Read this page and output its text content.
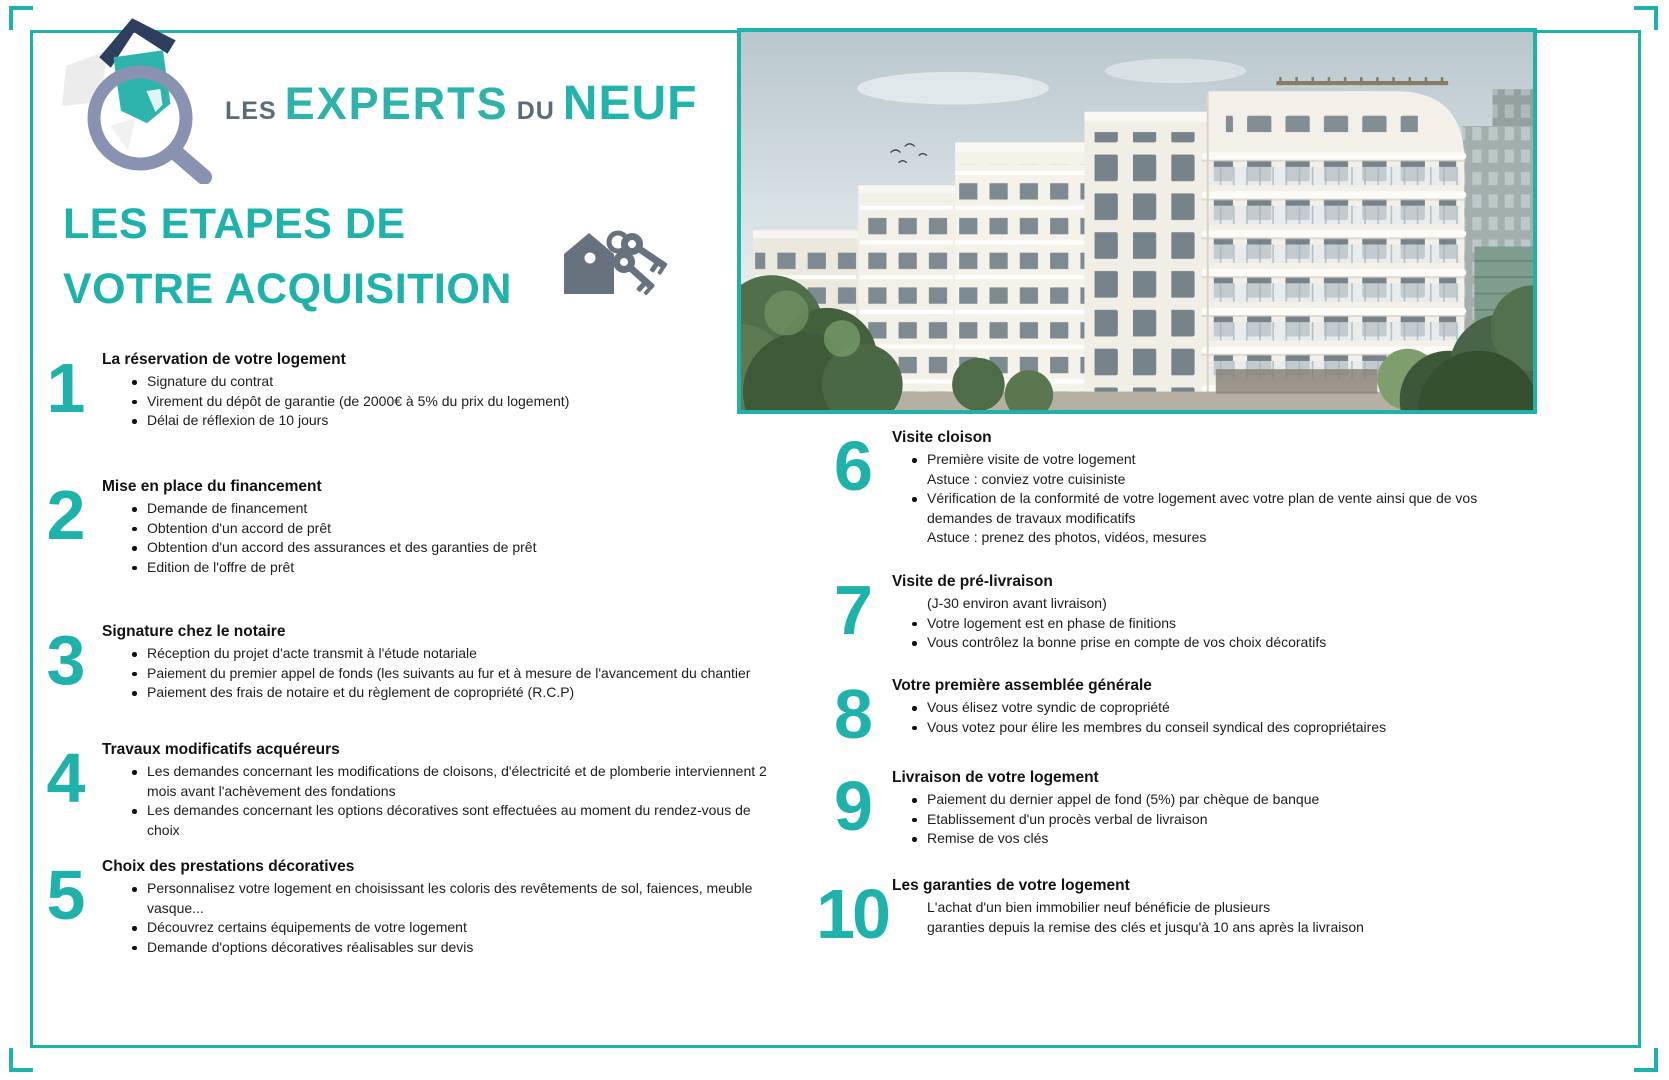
LES EXPERTS DU NEUF
LES ETAPES DE
VOTRE ACQUISITION
1	La réservation de votre logement
Signature du contrat
Virement du dépôt de garantie (de 2000€ à 5% du prix du logement)
Délai de réflexion de 10 jours
2	Mise en place du financement
Demande de financement
Obtention d'un accord de prêt
Obtention d'un accord des assurances et des garanties de prêt
Edition de l'offre de prêt
3	Signature chez le notaire
Réception du projet d'acte transmit à l'étude notariale
Paiement du premier appel de fonds (les suivants au fur et à mesure de l'avancement du chantier
Paiement des frais de notaire et du règlement de copropriété (R.C.P)
4	Travaux modificatifs acquéreurs
Les demandes concernant les modifications de cloisons, d'électricité et de plomberie interviennent 2 mois avant l'achèvement des fondations
Les demandes concernant les options décoratives sont effectuées au moment du rendez-vous de choix
5	Choix des prestations décoratives
Personnalisez votre logement en choisissant les coloris des revêtements de sol, faiences, meuble vasque...
Découvrez certains équipements de votre logement
Demande d'options décoratives réalisables sur devis
6	Visite cloison
Première visite de votre logement
Astuce : conviez votre cuisiniste
Vérification de la conformité de votre logement avec votre plan de vente ainsi que de vos demandes de travaux modificatifs
Astuce : prenez des photos, vidéos, mesures
7	Visite de pré-livraison
(J-30 environ avant livraison)
Votre logement est en phase de finitions
Vous contrôlez la bonne prise en compte de vos choix décoratifs
8	Votre première assemblée générale
Vous élisez votre syndic de copropriété
Vous votez pour élire les membres du conseil syndical des copropriétaires
9	Livraison de votre logement
Paiement du dernier appel de fond (5%) par chèque de banque
Etablissement d'un procès verbal de livraison
Remise de vos clés
10 Les garanties de votre logement
L'achat d'un bien immobilier neuf bénéficie de plusieurs
garanties depuis la remise des clés et jusqu'à 10 ans après la livraison
